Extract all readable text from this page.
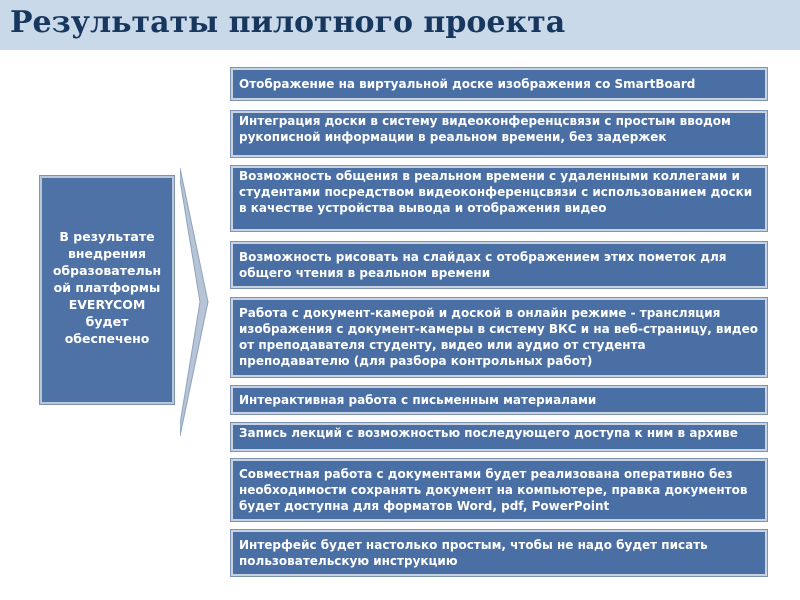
Результаты пилотного проекта
В результате
внедрения
образовательн
ой платформы
EVERYCOM
будет
обеспечено
Отображение на виртуальной доске изображения со SmartBoard
Интеграция доски в систему видеоконференцсвязи с простым вводом рукописной информации в реальном времени, без задержек
Возможность общения в реальном времени с удаленными коллегами и студентами посредством видеоконференцсвязи с использованием доски в качестве устройства вывода и отображения видео
Возможность рисовать на слайдах с отображением этих пометок для общего чтения в реальном времени
Работа с документ-камерой и доской в онлайн режиме - трансляция изображения с документ-камеры в систему ВКС и на веб-страницу, видео от преподавателя студенту, видео или аудио от студента преподавателю (для разбора контрольных работ)
Интерактивная работа с письменным материалами
Запись лекций с возможностью последующего доступа к ним в архиве
Совместная работа с документами будет реализована оперативно без необходимости сохранять документ на компьютере, правка документов будет доступна для форматов Word, pdf, PowerPoint
Интерфейс будет настолько простым, чтобы не надо будет писать пользовательскую инструкцию
